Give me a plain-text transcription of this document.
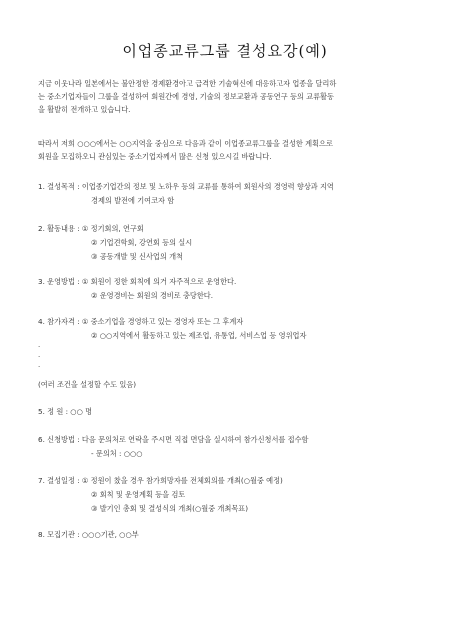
이업종교류그룹 결성요강(예)
지금 이웃나라 일본에서는 불안정한 경제환경아고 급격한 기술혁신에 대응하고자 업종을 달리하
는 중소기업자들이 그룹을 결성하여 회원간에 경영, 기술의 정보교환과 공동연구 등의 교류활동
을 활발히 전개하고 있습니다.
따라서 저희 ○○○에서는 ○○지역을 중심으로 다음과 같이 이업종교류그룹을 결성한 계획으로
회원을 모집하오니 관심있는 중소기업자께서 많은 신청 있으시길 바랍니다.
1. 결성목적 : 이업종기업간의 정보 및 노하우 등의 교류를 통하여 회원사의 경영력 향상과 지역
경제의 발전에 기여코자 함
2. 활동내용 : ① 정기회의, 연구회
② 기업견학회, 강연회 등의 실시
③ 공동개발 및 신사업의 개척
3. 운영방법 : ① 회원이 정한 회칙에 의거 자주적으로 운영한다.
② 운영경비는 회원의 경비로 충당한다.
4. 참가자격 : ① 중소기업을 경영하고 있는 경영자 또는 그 후계자
② ○○지역에서 활동하고 있는 제조업, 유통업, 서비스업 등 영위업자
·
·
·
(여러 조건을 설정할 수도 있음)
5. 정 원 : ○○ 명
6. 신청방법 : 다음 문의처로 연락을 주시면 직접 면담을 실시하여 참가신청서를 접수함
- 문의처 : ○○○
7. 결성일정 : ① 정원이 찼을 경우 참가희망자를 전체회의를 개최(○월중 예정)
② 회칙 및 운영계획 등을 검토
③ 발기인 총회 및 결성식의 개최(○월중 개최목표)
8. 모집기관 : ○○○기관, ○○부
